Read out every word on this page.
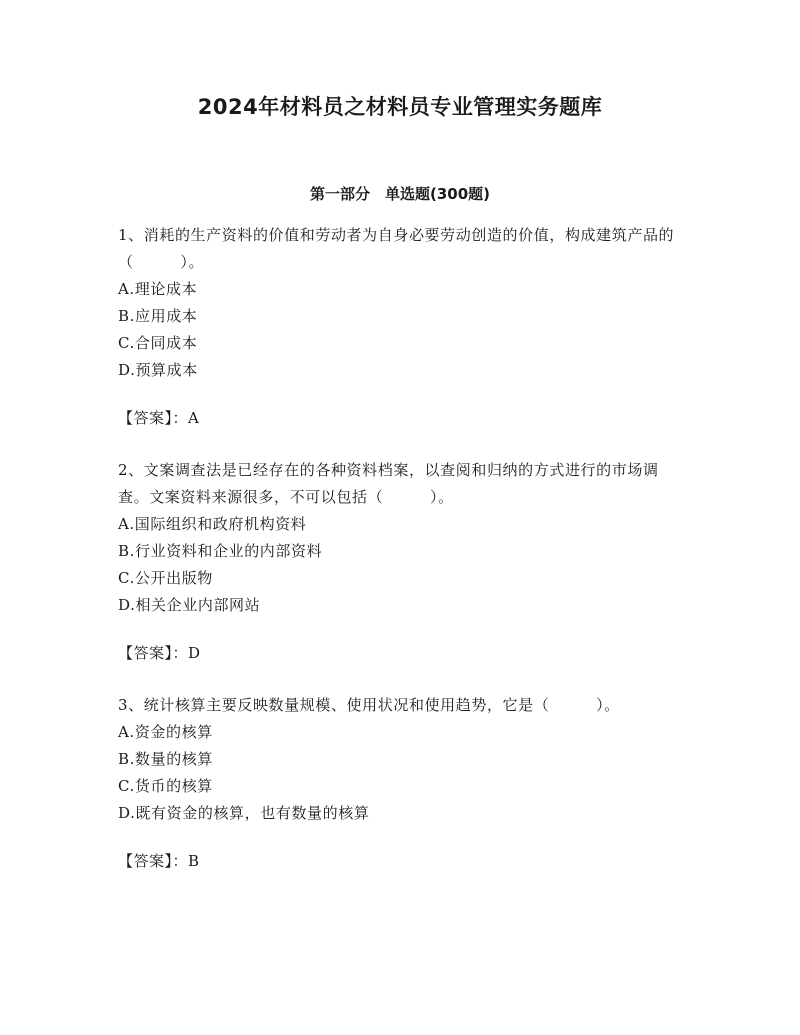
2024年材料员之材料员专业管理实务题库
第一部分　单选题(300题)

1、消耗的生产资料的价值和劳动者为自身必要劳动创造的价值，构成建筑产品的（　　　）。

A.理论成本
B.应用成本
C.合同成本
D.预算成本
【答案】：A

2、文案调查法是已经存在的各种资料档案，以查阅和归纳的方式进行的市场调查。文案资料来源很多，不可以包括（　　　）。

A.国际组织和政府机构资料
B.行业资料和企业的内部资料
C.公开出版物
D.相关企业内部网站
【答案】：D

3、统计核算主要反映数量规模、使用状况和使用趋势，它是（　　　）。

A.资金的核算
B.数量的核算
C.货币的核算
D.既有资金的核算，也有数量的核算
【答案】：B
